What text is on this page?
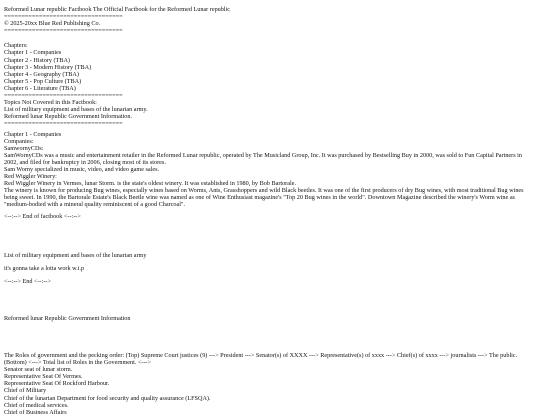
Reformed Lunar republic Factbook The Official Factbook for the Reformed Lunar republic
==================================
© 2025-20xx Blue Red Publishing Co.
==================================
Chapters:
Chapter 1 - Companies
Chapter 2 - History (TBA)
Chapter 3 - Modern History (TBA)
Chapter 4 - Geography (TBA)
Chapter 5 - Pop Culture (TBA)
Chapter 6 - Literature (TBA)
==================================
Topics Not Covered in this Factbook:
List of military equipment and bases of the lunarian army.
Reformed lunar Republic Government Information.
==================================
Chapter 1 - Companies
Companies:
SamwornyCDs:
SamWornyCDs was a music and entertainment retailer in the Reformed Lunar republic, operated by The Musicland Group, Inc. It was purchased by Bestselling Buy in 2000, was sold to Fun Capital Partners in 2002, and filed for bankruptcy in 2006, closing most of its stores.
Sam Worny specialized in music, video, and video game sales.
Red Wiggler Winery:
Red Wiggler Winery in Vermes, lunar Storm. is the state's oldest winery. It was established in 1980, by Bob Bartorale.
The winery is known for producing Bug wines, especially wines based on Worms, Ants, Grasshoppers and wild Black beetles. It was one of the first producers of dry Bug wines, with most traditional Bug wines being sweet. In 1990, the Bartorale Estate's Black Beetle wine was named as one of Wine Enthusiast magazine's "Top 20 Bug wines in the world". Downtown Magazine described the winery's Worm wine as "medium-bodied with a mineral quality reminiscent of a good Charcoal".
<--:--> End of factbook <--:-->
List of military equipment and bases of the lunarian army
it's gonna take a lotta work w.i.p
<--:--> End <--:-->
Reformed lunar Republic Government Information
The Roles of government and the pecking order: (Top) Supreme Court justices (9) ---> President ---> Senator(s) of XXXX ---> Representative(s) of xxxx ---> Chief(s) of xxxx ---> journalists ---> The public. (Bottom) <---> Total list of Roles in the Government. <--->
Senator seat of lunar storm.
Representative Seat Of Vermes.
Representative Seat Of Rockford Harbour.
Chief of Military
Chief of the lunarian Department for food security and quality assurance (LFSQA).
Chief of medical services.
Chief of Business Affairs
